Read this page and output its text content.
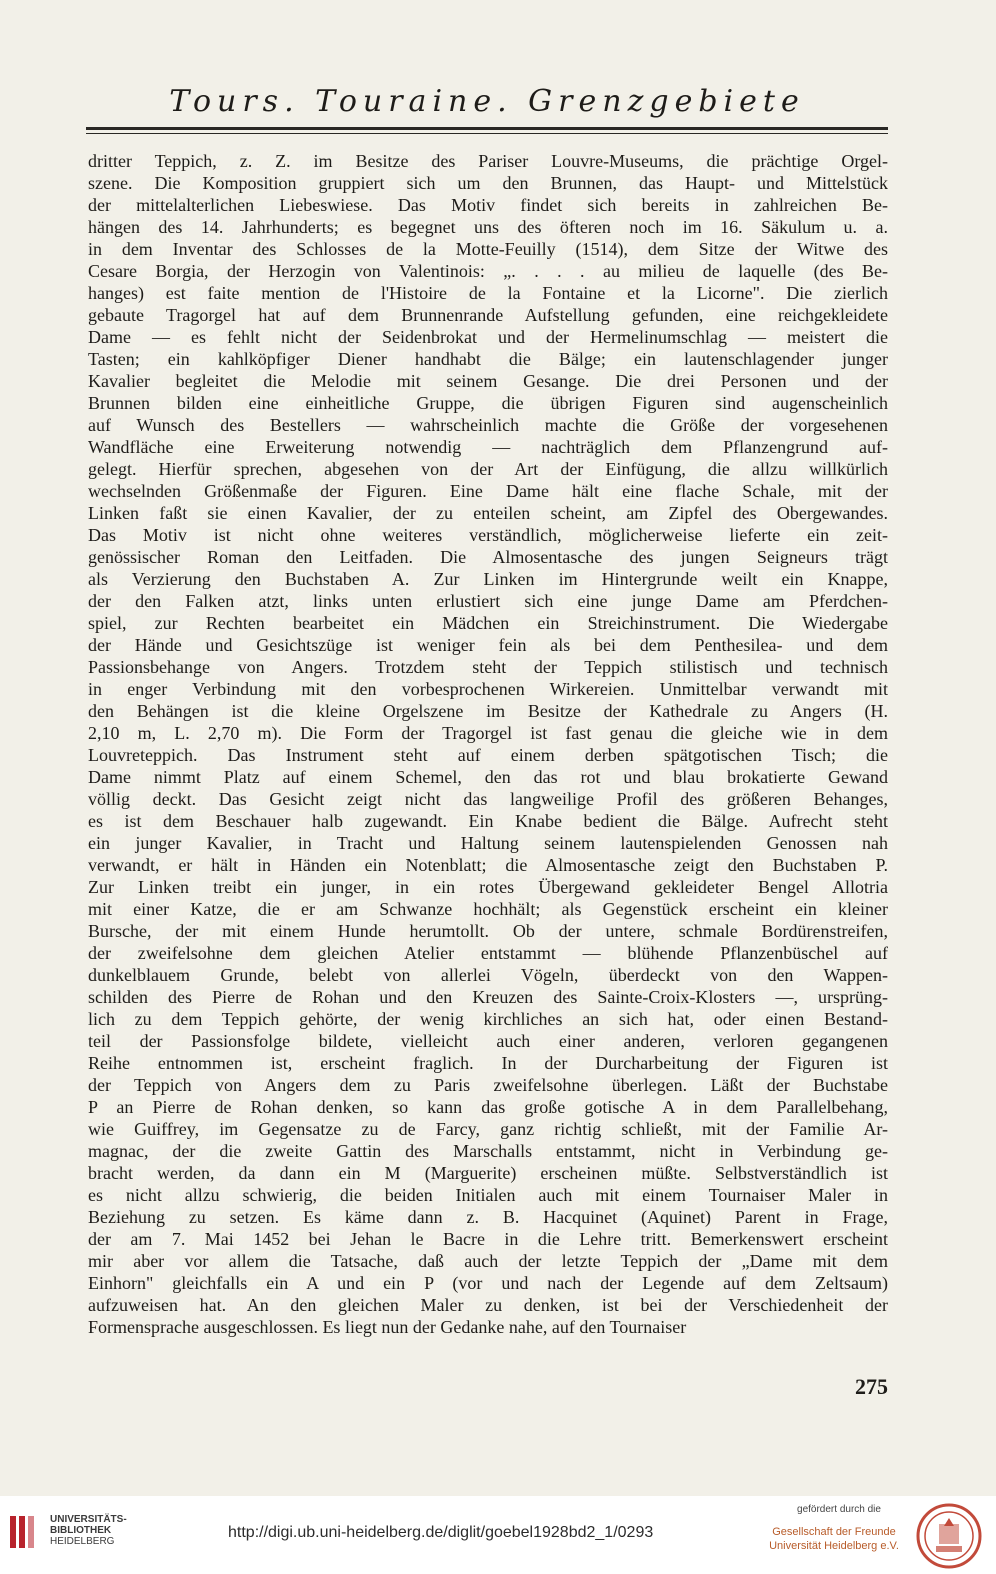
Tours. Touraine. Grenzgebiete
dritter Teppich, z. Z. im Besitze des Pariser Louvre-Museums, die prächtige Orgel-
szene. Die Komposition gruppiert sich um den Brunnen, das Haupt- und Mittelstück
der mittelalterlichen Liebeswiese. Das Motiv findet sich bereits in zahlreichen Be-
hängen des 14. Jahrhunderts; es begegnet uns des öfteren noch im 16. Säkulum u. a.
in dem Inventar des Schlosses de la Motte-Feuilly (1514), dem Sitze der Witwe des
Cesare Borgia, der Herzogin von Valentinois: „. . . . au milieu de laquelle (des Be-
hanges) est faite mention de l'Histoire de la Fontaine et la Licorne". Die zierlich
gebaute Tragorgel hat auf dem Brunnenrande Aufstellung gefunden, eine reichgekleidete
Dame — es fehlt nicht der Seidenbrokat und der Hermelinumschlag — meistert die
Tasten; ein kahlköpfiger Diener handhabt die Bälge; ein lautenschlagender junger
Kavalier begleitet die Melodie mit seinem Gesange. Die drei Personen und der
Brunnen bilden eine einheitliche Gruppe, die übrigen Figuren sind augenscheinlich
auf Wunsch des Bestellers — wahrscheinlich machte die Größe der vorgesehenen
Wandfläche eine Erweiterung notwendig — nachträglich dem Pflanzengrund auf-
gelegt. Hierfür sprechen, abgesehen von der Art der Einfügung, die allzu willkürlich
wechselnden Größenmaße der Figuren. Eine Dame hält eine flache Schale, mit der
Linken faßt sie einen Kavalier, der zu enteilen scheint, am Zipfel des Obergewandes.
Das Motiv ist nicht ohne weiteres verständlich, möglicherweise lieferte ein zeit-
genössischer Roman den Leitfaden. Die Almosentasche des jungen Seigneurs trägt
als Verzierung den Buchstaben A. Zur Linken im Hintergrunde weilt ein Knappe,
der den Falken atzt, links unten erlustiert sich eine junge Dame am Pferdchen-
spiel, zur Rechten bearbeitet ein Mädchen ein Streichinstrument. Die Wiedergabe
der Hände und Gesichtszüge ist weniger fein als bei dem Penthesilea- und dem
Passionsbehange von Angers. Trotzdem steht der Teppich stilistisch und technisch
in enger Verbindung mit den vorbesprochenen Wirkereien. Unmittelbar verwandt mit
den Behängen ist die kleine Orgelszene im Besitze der Kathedrale zu Angers (H.
2,10 m, L. 2,70 m). Die Form der Tragorgel ist fast genau die gleiche wie in dem
Louvreteppich. Das Instrument steht auf einem derben spätgotischen Tisch; die
Dame nimmt Platz auf einem Schemel, den das rot und blau brokatierte Gewand
völlig deckt. Das Gesicht zeigt nicht das langweilige Profil des größeren Behanges,
es ist dem Beschauer halb zugewandt. Ein Knabe bedient die Bälge. Aufrecht steht
ein junger Kavalier, in Tracht und Haltung seinem lautenspielenden Genossen nah
verwandt, er hält in Händen ein Notenblatt; die Almosentasche zeigt den Buchstaben P.
Zur Linken treibt ein junger, in ein rotes Übergewand gekleideter Bengel Allotria
mit einer Katze, die er am Schwanze hochhält; als Gegenstück erscheint ein kleiner
Bursche, der mit einem Hunde herumtollt. Ob der untere, schmale Bordürenstreifen,
der zweifelsohne dem gleichen Atelier entstammt — blühende Pflanzenbüschel auf
dunkelblauem Grunde, belebt von allerlei Vögeln, überdeckt von den Wappen-
schilden des Pierre de Rohan und den Kreuzen des Sainte-Croix-Klosters —, ursprüng-
lich zu dem Teppich gehörte, der wenig kirchliches an sich hat, oder einen Bestand-
teil der Passionsfolge bildete, vielleicht auch einer anderen, verloren gegangenen
Reihe entnommen ist, erscheint fraglich. In der Durcharbeitung der Figuren ist
der Teppich von Angers dem zu Paris zweifelsohne überlegen. Läßt der Buchstabe
P an Pierre de Rohan denken, so kann das große gotische A in dem Parallelbehang,
wie Guiffrey, im Gegensatze zu de Farcy, ganz richtig schließt, mit der Familie Ar-
magnac, der die zweite Gattin des Marschalls entstammt, nicht in Verbindung ge-
bracht werden, da dann ein M (Marguerite) erscheinen müßte. Selbstverständlich ist
es nicht allzu schwierig, die beiden Initialen auch mit einem Tournaiser Maler in
Beziehung zu setzen. Es käme dann z. B. Hacquinet (Aquinet) Parent in Frage,
der am 7. Mai 1452 bei Jehan le Bacre in die Lehre tritt. Bemerkenswert erscheint
mir aber vor allem die Tatsache, daß auch der letzte Teppich der „Dame mit dem
Einhorn" gleichfalls ein A und ein P (vor und nach der Legende auf dem Zeltsaum)
aufzuweisen hat. An den gleichen Maler zu denken, ist bei der Verschiedenheit der
Formensprache ausgeschlossen. Es liegt nun der Gedanke nahe, auf den Tournaiser
275
UNIVERSITÄTS-
BIBLIOTHEK
HEIDELBERG
http://digi.ub.uni-heidelberg.de/diglit/goebel1928bd2_1/0293
gefördert durch die
Gesellschaft der Freunde
Universität Heidelberg e.V.
